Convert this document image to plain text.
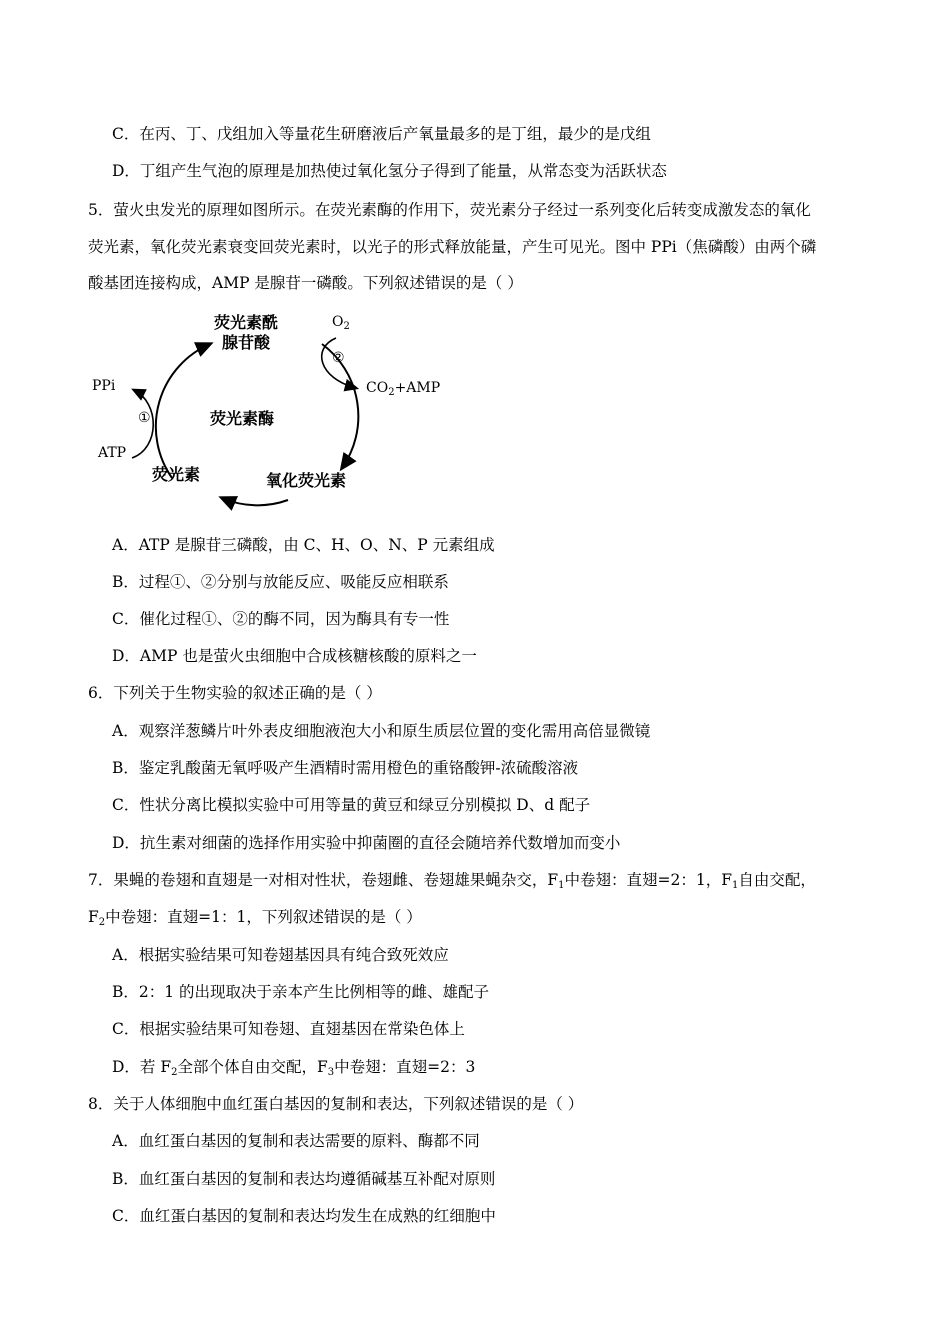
C．在丙、丁、戊组加入等量花生研磨液后产氧量最多的是丁组，最少的是戊组
D．丁组产生气泡的原理是加热使过氧化氢分子得到了能量，从常态变为活跃状态
5．萤火虫发光的原理如图所示。在荧光素酶的作用下，荧光素分子经过一系列变化后转变成激发态的氧化
荧光素，氧化荧光素衰变回荧光素时，以光子的形式释放能量，产生可见光。图中 PPi（焦磷酸）由两个磷
酸基团连接构成，AMP 是腺苷一磷酸。下列叙述错误的是（ ）
荧光素酰
腺苷酸
荧光素酶
荧光素	氧化荧光素
PPi
ATP
①
$O_2$
②
$CO_2+AMP$
A．ATP 是腺苷三磷酸，由 C、H、O、N、P 元素组成
B．过程①、②分别与放能反应、吸能反应相联系
C．催化过程①、②的酶不同，因为酶具有专一性
D．AMP 也是萤火虫细胞中合成核糖核酸的原料之一
6．下列关于生物实验的叙述正确的是（ ）
A．观察洋葱鳞片叶外表皮细胞液泡大小和原生质层位置的变化需用高倍显微镜
B．鉴定乳酸菌无氧呼吸产生酒精时需用橙色的重铬酸钾-浓硫酸溶液
C．性状分离比模拟实验中可用等量的黄豆和绿豆分别模拟 D、d 配子
D．抗生素对细菌的选择作用实验中抑菌圈的直径会随培养代数增加而变小
7．果蝇的卷翅和直翅是一对相对性状，卷翅雌、卷翅雄果蝇杂交，$F_1$中卷翅：直翅=2：1，$F_1$自由交配，
$F_2$中卷翅：直翅=1：1，下列叙述错误的是（ ）
A．根据实验结果可知卷翅基因具有纯合致死效应
B．2：1 的出现取决于亲本产生比例相等的雌、雄配子
C．根据实验结果可知卷翅、直翅基因在常染色体上
D．若 $F_2$全部个体自由交配，$F_3$中卷翅：直翅=2：3
8．关于人体细胞中血红蛋白基因的复制和表达，下列叙述错误的是（ ）
A．血红蛋白基因的复制和表达需要的原料、酶都不同
B．血红蛋白基因的复制和表达均遵循碱基互补配对原则
C．血红蛋白基因的复制和表达均发生在成熟的红细胞中
